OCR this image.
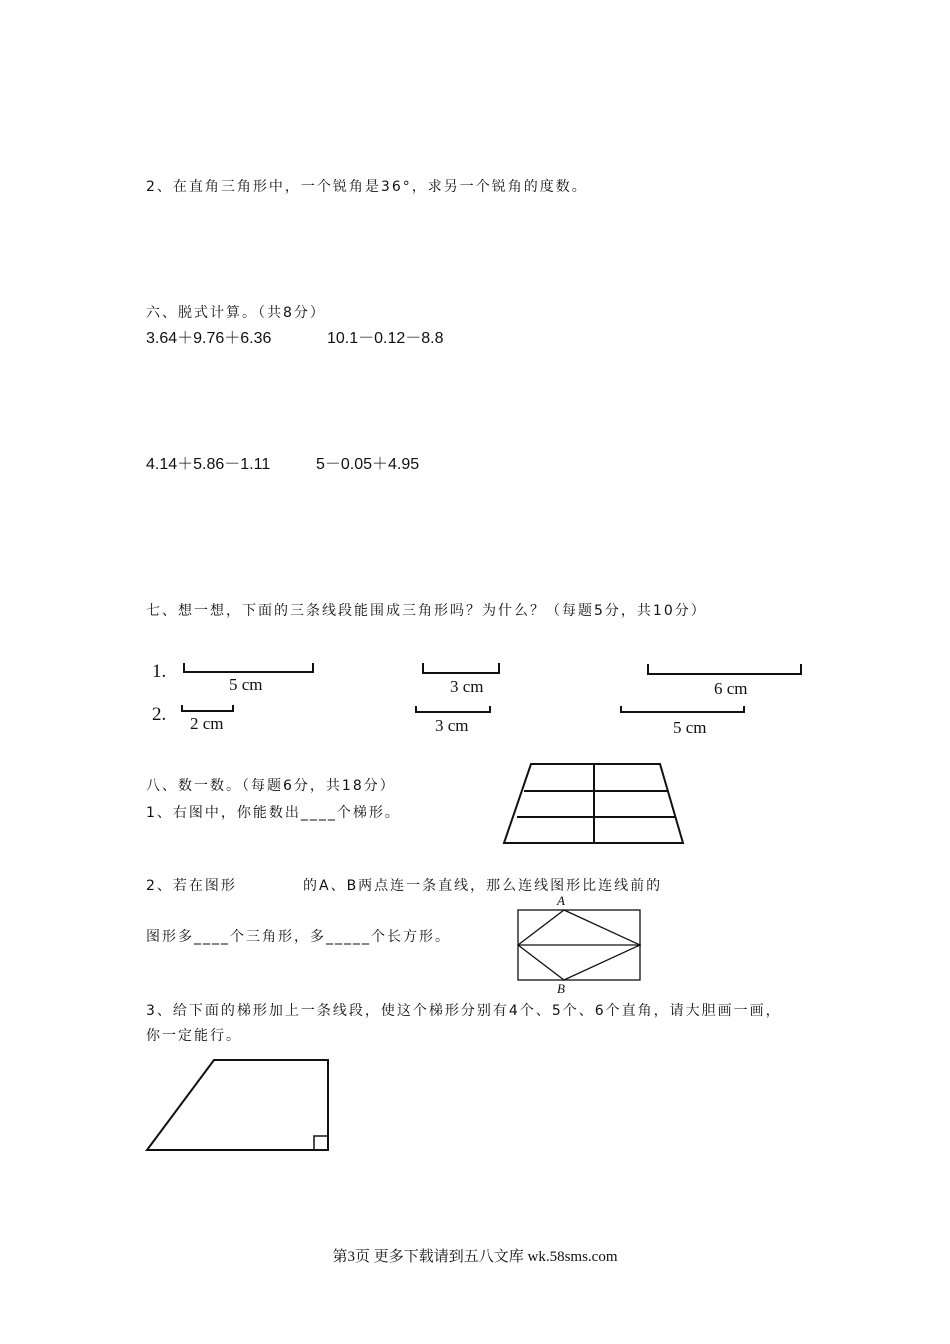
2、在直角三角形中，一个锐角是36°，求另一个锐角的度数。
六、脱式计算。（共8分）
3.64＋9.76＋6.36	10.1－0.12－8.8
4.14＋5.86－1.11	5－0.05＋4.95
七、想一想，下面的三条线段能围成三角形吗？为什么？（每题5分，共10分）
1.
2.
5 cm	3 cm	6 cm
2 cm	3 cm	5 cm
八、数一数。（每题6分，共18分）
1、右图中，你能数出____个梯形。
2、若在图形	的A、B两点连一条直线，那么连线图形比连线前的
图形多____个三角形，多_____个长方形。
A
B
3、给下面的梯形加上一条线段，使这个梯形分别有4个、5个、6个直角，请大胆画一画，
你一定能行。
第3页 更多下载请到五八文库 wk.58sms.com
